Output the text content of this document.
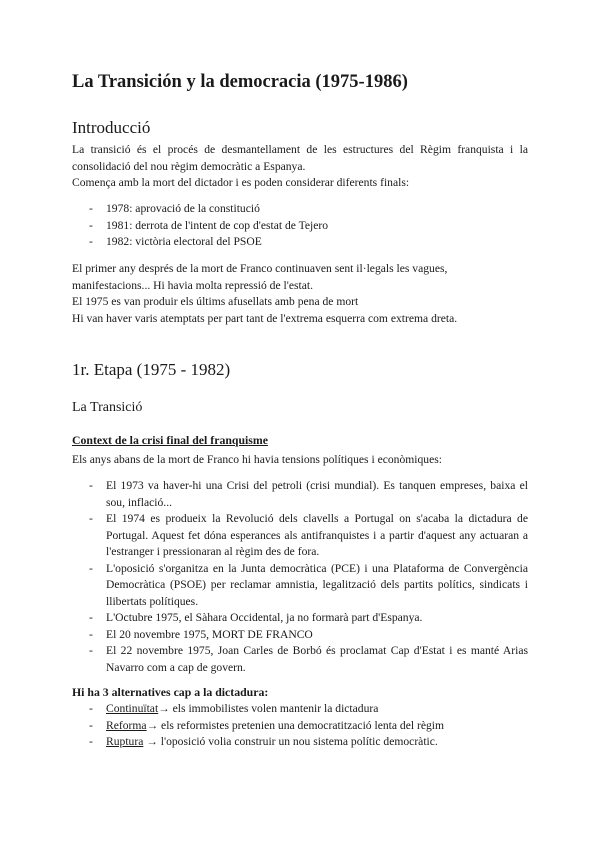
La Transición y la democracia (1975-1986)
Introducció

La transició és el procés de desmantellament de les estructures del Règim franquista i la consolidació del nou règim democràtic a Espanya.

Comença amb la mort del dictador i es poden considerar diferents finals:

- 1978: aprovació de la constitució
- 1981: derrota de l'intent de cop d'estat de Tejero
- 1982: victòria electoral del PSOE

El primer any després de la mort de Franco continuaven sent il·legals les vagues, manifestacions... Hi havia molta repressió de l'estat.

El 1975 es van produir els últims afusellats amb pena de mort

Hi van haver varis atemptats per part tant de l'extrema esquerra com extrema dreta.

1r. Etapa (1975 - 1982)
La Transició
Context de la crisi final del franquisme
Els anys abans de la mort de Franco hi havia tensions polítiques i econòmiques:
- El 1973 va haver-hi una Crisi del petroli (crisi mundial). Es tanquen empreses, baixa el sou, inflació...
- El 1974 es produeix la Revolució dels clavells a Portugal on s'acaba la dictadura de Portugal. Aquest fet dóna esperances als antifranquistes i a partir d'aquest any actuaran a l'estranger i pressionaran al règim des de fora.
- L'oposició s'organitza en la Junta democràtica (PCE) i una Plataforma de Convergència Democràtica (PSOE) per reclamar amnistia, legalització dels partits polítics, sindicats i llibertats polítiques.
- L'Octubre 1975, el Sàhara Occidental, ja no formarà part d'Espanya.
- El 20 novembre 1975, MORT DE FRANCO
- El 22 novembre 1975, Joan Carles de Borbó és proclamat Cap d'Estat i es manté Arias Navarro com a cap de govern.
Hi ha 3 alternatives cap a la dictadura:
- Continuïtat→ els immobilistes volen mantenir la dictadura
- Reforma→ els reformistes pretenien una democratització lenta del règim
- Ruptura → l'oposició volia construir un nou sistema polític democràtic.
